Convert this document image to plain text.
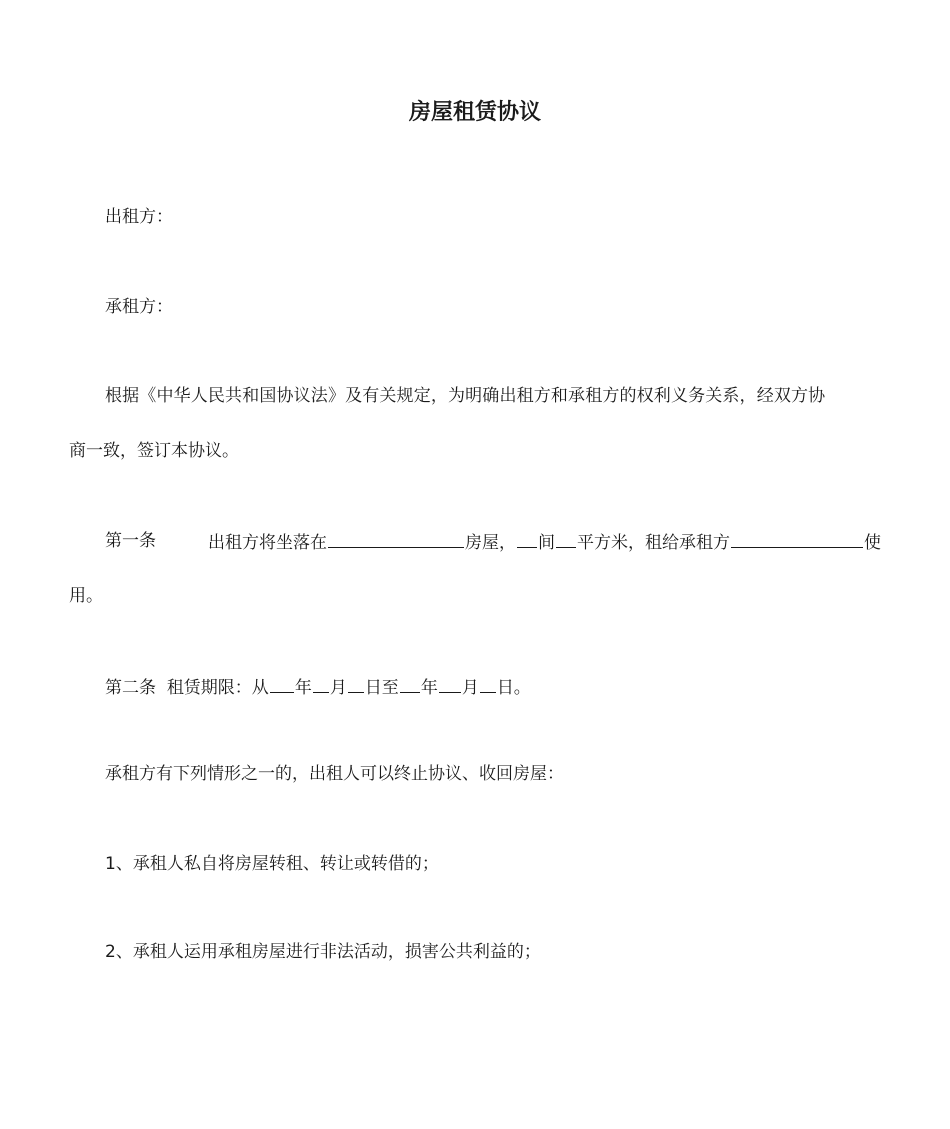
房屋租赁协议

出租方：

承租方：

根据《中华人民共和国协议法》及有关规定，为明确出租方和承租方的权利义务关系，经双方协

商一致，签订本协议。

第一条	出租方将坐落在	房屋， 间 平方米，租给承租方	使

用。

第二条 租赁期限：从 年 月 日至 年 月 日。

承租方有下列情形之一的，出租人可以终止协议、收回房屋：

1、承租人私自将房屋转租、转让或转借的；

2、承租人运用承租房屋进行非法活动，损害公共利益的；
